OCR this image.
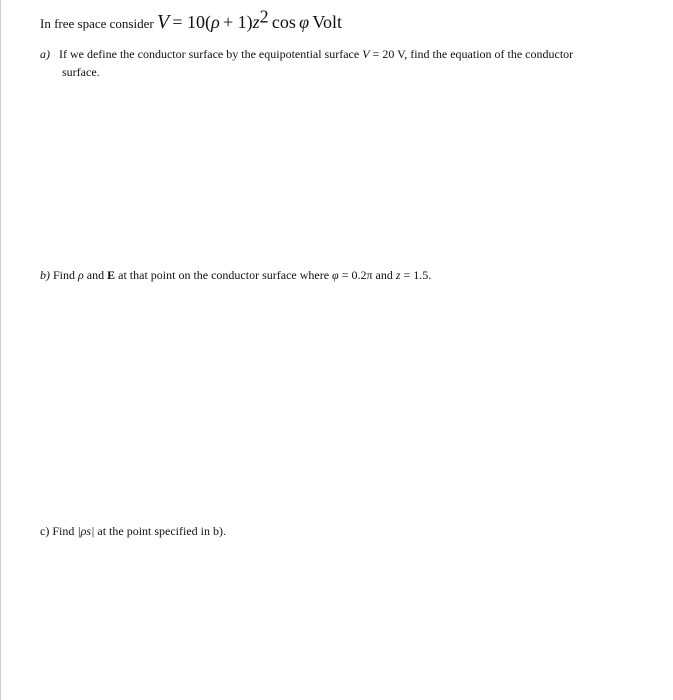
In free space consider $V = 10(\rho + 1)z^2$ cos φ Volt
a) If we define the conductor surface by the equipotential surface V = 20 V, find the equation of the conductor
surface.
b) Find ρ and E at that point on the conductor surface where φ = 0.2π and z = 1.5.
c) Find |ρs| at the point specified in b).
